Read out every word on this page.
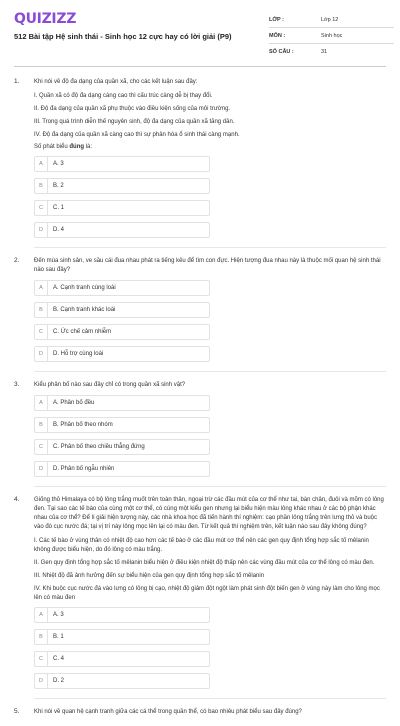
QUIZIZZ
512 Bài tập Hệ sinh thái - Sinh học 12 cực hay có lời giải (P9)
LỚP :	Lớp 12
MÔN :	Sinh học
SỐ CÂU :	31
1. Khi nói về độ đa dạng của quần xã, cho các kết luận sau đây:

I. Quần xã có độ đa dạng càng cao thì cấu trúc càng dễ bị thay đổi.

II. Độ đa dạng của quần xã phụ thuộc vào điều kiện sống của môi trường.

III. Trong quá trình diễn thế nguyên sinh, độ đa dạng của quần xã tăng dần.

IV. Độ đa dạng của quần xã càng cao thì sự phân hóa ổ sinh thái càng mạnh.

Số phát biểu đúng là:

A	A. 3
B	B. 2
C	C. 1
D	D. 4
2. Đến mùa sinh sản, ve sầu cái đua nhau phát ra tiếng kêu để tìm con đực. Hiện tượng đua nhau này là thuộc mối quan hệ sinh thái nào sau đây?

A	A. Cạnh tranh cùng loài
B	B. Cạnh tranh khác loài
C	C. Ức chế cảm nhiễm
D	D. Hỗ trợ cùng loài
3. Kiểu phân bố nào sau đây chỉ có trong quần xã sinh vật?

A	A. Phân bố đều
B	B. Phân bố theo nhóm
C	C. Phân bố theo chiều thẳng đứng
D	D. Phân bố ngẫu nhiên
4. Giống thỏ Himalaya có bộ lông trắng muốt trên toàn thân, ngoại trừ các đầu mút của cơ thể như tai, bàn chân, đuôi và mõm có lông đen. Tại sao các tế bào của cùng một cơ thể, có cùng một kiểu gen nhưng lại biểu hiện màu lông khác nhau ở các bộ phận khác nhau của cơ thể? Để lí giải hiện tượng này, các nhà khoa học đã tiến hành thí nghiệm: cạo phần lông trắng trên lưng thỏ và buộc vào đó cục nước đá; tại vị trí này lông mọc lên lại có màu đen. Từ kết quả thí nghiệm trên, kết luận nào sau đây không đúng?

I. Các tế bào ở vùng thân có nhiệt độ cao hơn các tế bào ở các đầu mút cơ thể nên các gen quy định tổng hợp sắc tố mêlanin không được biểu hiện, do đó lông có màu trắng.

II. Gen quy định tổng hợp sắc tố mêlanin biểu hiện ở điều kiện nhiệt độ thấp nên các vùng đầu mút của cơ thể lông có màu đen.

III. Nhiệt độ đã ảnh hưởng đến sự biểu hiện của gen quy định tổng hợp sắc tố mêlanin

IV. Khi buộc cục nước đá vào lưng có lông bị cạo, nhiệt độ giảm đột ngột làm phát sinh đột biến gen ở vùng này làm cho lông mọc lên có màu đen

A	A. 3
B	B. 1
C	C. 4
D	D. 2
5. Khi nói về quan hệ cạnh tranh giữa các cá thể trong quần thể, có bao nhiêu phát biểu sau đây đúng?
